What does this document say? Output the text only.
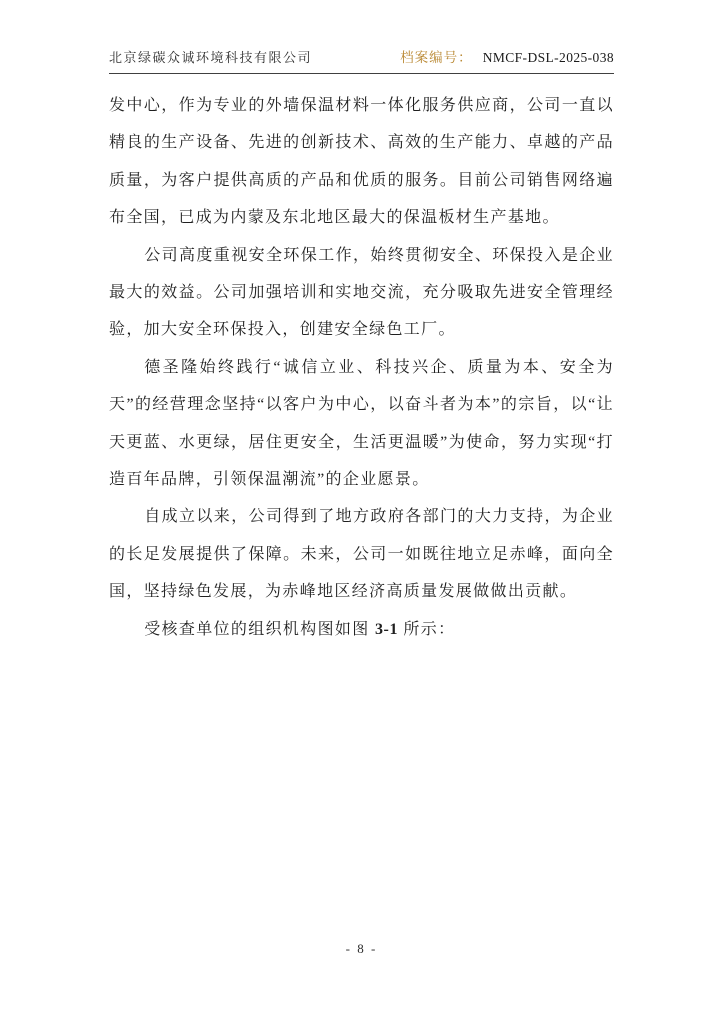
北京绿碳众诚环境科技有限公司	档案编号： NMCF-DSL-2025-038

发中心，作为专业的外墙保温材料一体化服务供应商，公司一直以精良的生产设备、先进的创新技术、高效的生产能力、卓越的产品质量，为客户提供高质的产品和优质的服务。目前公司销售网络遍布全国，已成为内蒙及东北地区最大的保温板材生产基地。

公司高度重视安全环保工作，始终贯彻安全、环保投入是企业最大的效益。公司加强培训和实地交流，充分吸取先进安全管理经验，加大安全环保投入，创建安全绿色工厂。

德圣隆始终践行“诚信立业、科技兴企、质量为本、安全为天”的经营理念坚持“以客户为中心，以奋斗者为本”的宗旨，以“让天更蓝、水更绿，居住更安全，生活更温暖”为使命，努力实现“打造百年品牌，引领保温潮流”的企业愿景。

自成立以来，公司得到了地方政府各部门的大力支持，为企业的长足发展提供了保障。未来，公司一如既往地立足赤峰，面向全国，坚持绿色发展，为赤峰地区经济高质量发展做做出贡献。

受核查单位的组织机构图如图 3-1 所示：

- 8 -
